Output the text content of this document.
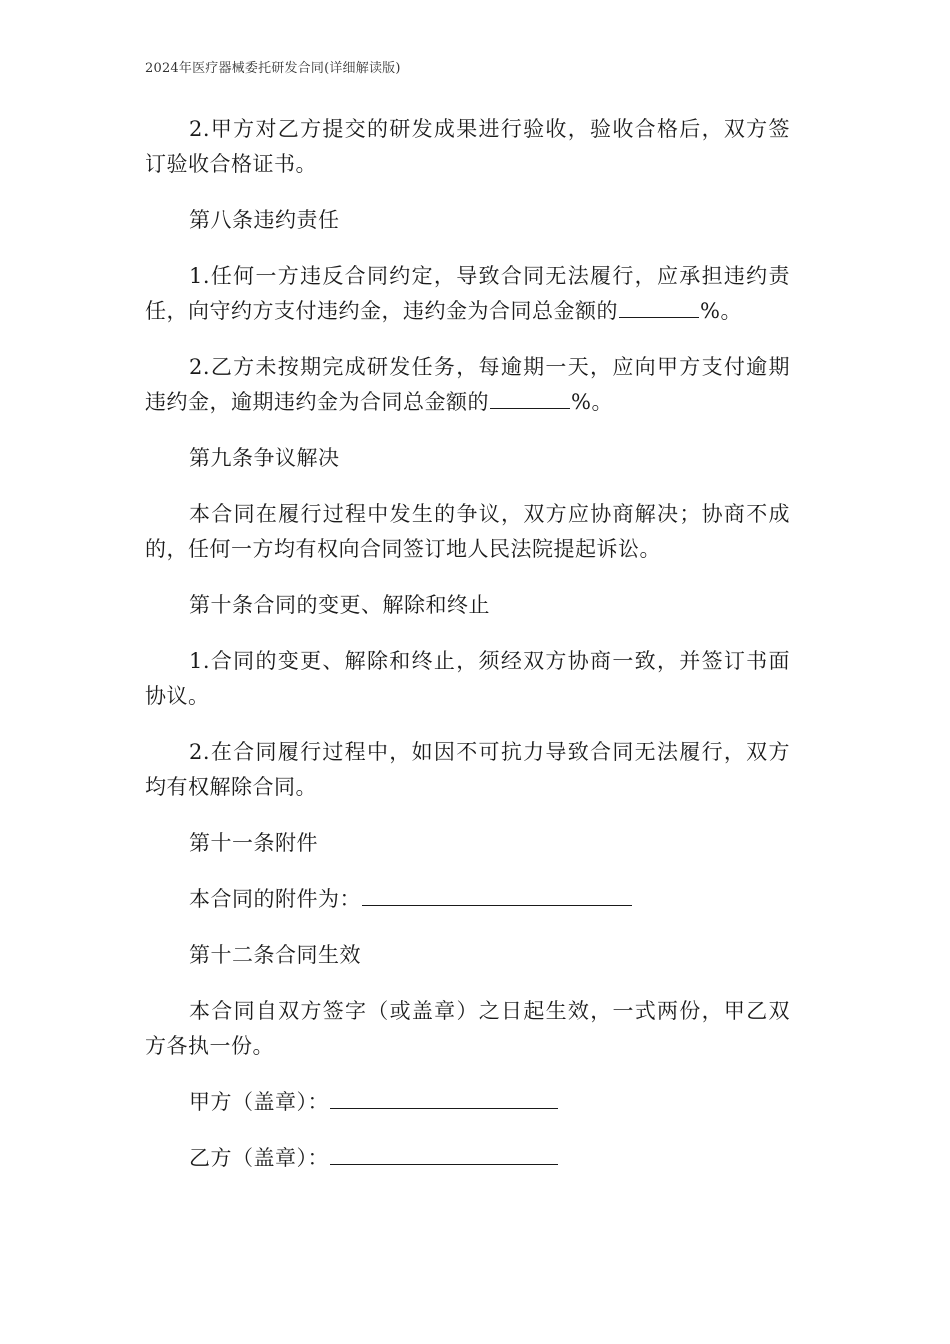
2024年医疗器械委托研发合同(详细解读版)

2.甲方对乙方提交的研发成果进行验收，验收合格后，双方签订验收合格证书。

第八条违约责任

1.任何一方违反合同约定，导致合同无法履行，应承担违约责任，向守约方支付违约金，违约金为合同总金额的	%。

2.乙方未按期完成研发任务，每逾期一天，应向甲方支付逾期违约金，逾期违约金为合同总金额的	%。

第九条争议解决

本合同在履行过程中发生的争议，双方应协商解决；协商不成的，任何一方均有权向合同签订地人民法院提起诉讼。

第十条合同的变更、解除和终止

1.合同的变更、解除和终止，须经双方协商一致，并签订书面协议。

2.在合同履行过程中，如因不可抗力导致合同无法履行，双方均有权解除合同。

第十一条附件

本合同的附件为：

第十二条合同生效

本合同自双方签字（或盖章）之日起生效，一式两份，甲乙双方各执一份。

甲方（盖章）：

乙方（盖章）：
